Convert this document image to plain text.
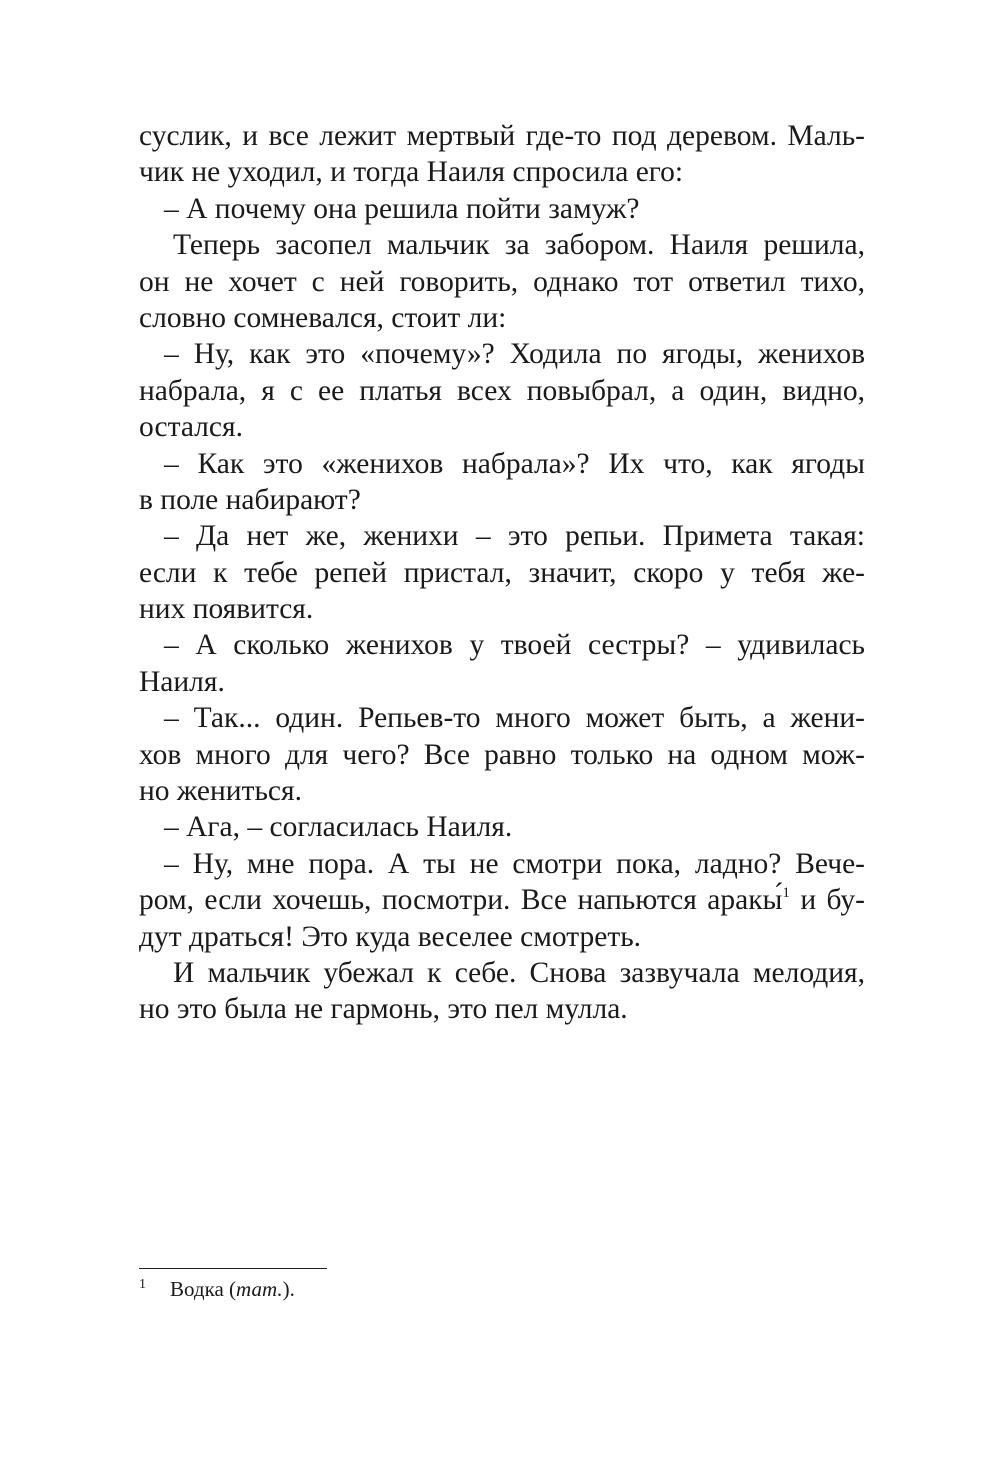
суслик, и все лежит мертвый где-то под деревом. Маль-
чик не уходил, и тогда Наиля спросила его:
– А почему она решила пойти замуж?
Теперь засопел мальчик за забором. Наиля решила,
он не хочет с ней говорить, однако тот ответил тихо,
словно сомневался, стоит ли:
– Ну, как это «почему»? Ходила по ягоды, женихов
набрала, я с ее платья всех повыбрал, а один, видно,
остался.
– Как это «женихов набрала»? Их что, как ягоды
в поле набирают?
– Да нет же, женихи – это репьи. Примета такая:
если к тебе репей пристал, значит, скоро у тебя же-
них появится.
– А сколько женихов у твоей сестры? – удивилась
Наиля.
– Так... один. Репьев-то много может быть, а жени-
хов много для чего? Все равно только на одном мож-
но жениться.
– Ага, – согласилась Наиля.
– Ну, мне пора. А ты не смотри пока, ладно? Вече-
ром, если хочешь, посмотри. Все напьются аракы́$^1$ и бу-
дут драться! Это куда веселее смотреть.
И мальчик убежал к себе. Снова зазвучала мелодия,
но это была не гармонь, это пел мулла.
1 Водка (тат.).
